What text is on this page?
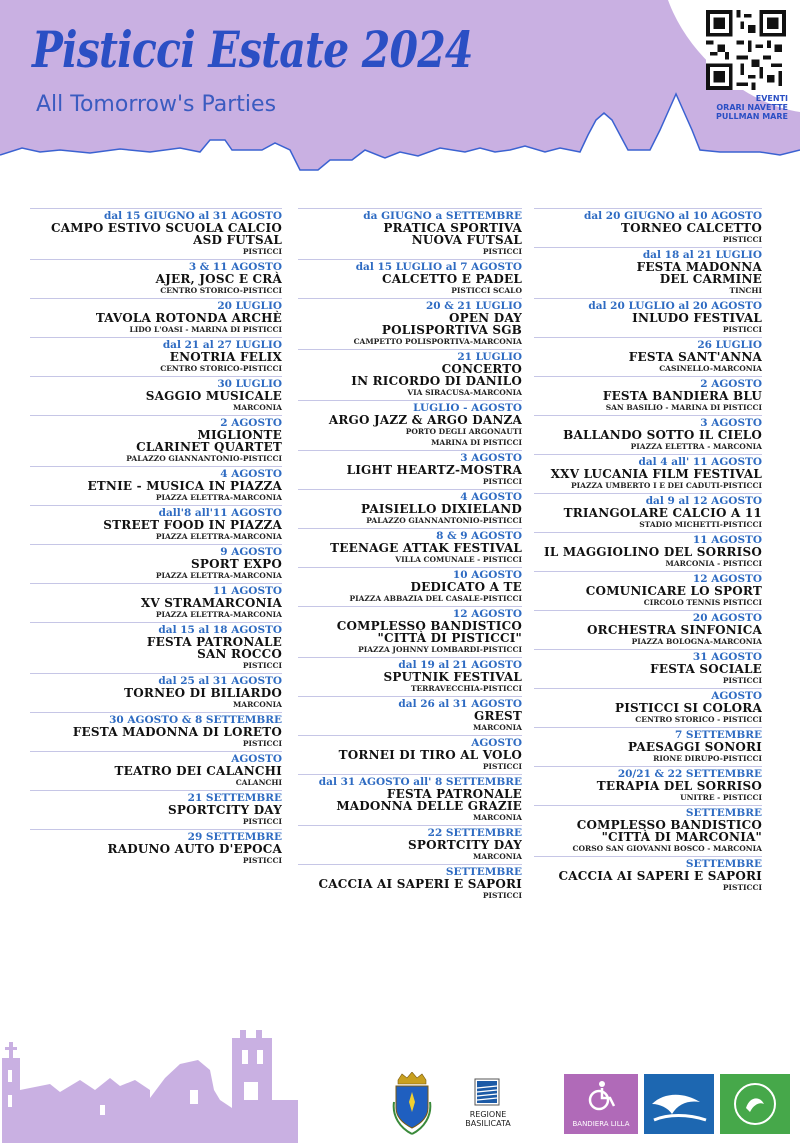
Pisticci Estate 2024
All Tomorrow's Parties	EVENTI
ORARI NAVETTE
PULLMAN MARE
dal 15 GIUGNO al 31 AGOSTO
CAMPO ESTIVO SCUOLA CALCIO
ASD FUTSAL
PISTICCI
3 & 11 AGOSTO
AJER, JOSC E CRÀ
CENTRO STORICO-PISTICCI
20 LUGLIO
TAVOLA ROTONDA ARCHÈ
LIDO L'OASI - MARINA DI PISTICCI
dal 21 al 27 LUGLIO
ENOTRIA FELIX
CENTRO STORICO-PISTICCI
30 LUGLIO
SAGGIO MUSICALE
MARCONIA
2 AGOSTO
MIGLIONTE
CLARINET QUARTET
PALAZZO GIANNANTONIO-PISTICCI
4 AGOSTO
ETNIE - MUSICA IN PIAZZA
PIAZZA ELETTRA-MARCONIA
dall'8 all'11 AGOSTO
STREET FOOD IN PIAZZA
PIAZZA ELETTRA-MARCONIA
9 AGOSTO
SPORT EXPO
PIAZZA ELETTRA-MARCONIA
11 AGOSTO
XV STRAMARCONIA
PIAZZA ELETTRA-MARCONIA
dal 15 al 18 AGOSTO
FESTA PATRONALE
SAN ROCCO
PISTICCI
dal 25 al 31 AGOSTO
TORNEO DI BILIARDO
MARCONIA
30 AGOSTO & 8 SETTEMBRE
FESTA MADONNA DI LORETO
PISTICCI
AGOSTO
TEATRO DEI CALANCHI
CALANCHI
21 SETTEMBRE
SPORTCITY DAY
PISTICCI
29 SETTEMBRE
RADUNO AUTO D'EPOCA
PISTICCI
da GIUGNO a SETTEMBRE
PRATICA SPORTIVA
NUOVA FUTSAL
PISTICCI
dal 15 LUGLIO al 7 AGOSTO
CALCETTO E PADEL
PISTICCI SCALO
20 & 21 LUGLIO
OPEN DAY
POLISPORTIVA SGB
CAMPETTO POLISPORTIVA-MARCONIA
21 LUGLIO
CONCERTO
IN RICORDO DI DANILO
VIA SIRACUSA-MARCONIA
LUGLIO - AGOSTO
ARGO JAZZ & ARGO DANZA
PORTO DEGLI ARGONAUTI
MARINA DI PISTICCI
3 AGOSTO
LIGHT HEARTZ-MOSTRA
PISTICCI
4 AGOSTO
PAISIELLO DIXIELAND
PALAZZO GIANNANTONIO-PISTICCI
8 & 9 AGOSTO
TEENAGE ATTAK FESTIVAL
VILLA COMUNALE - PISTICCI
10 AGOSTO
DEDICATO A TE
PIAZZA ABBAZIA DEL CASALE-PISTICCI
12 AGOSTO
COMPLESSO BANDISTICO
"CITTÀ DI PISTICCI"
PIAZZA JOHNNY LOMBARDI-PISTICCI
dal 19 al 21 AGOSTO
SPUTNIK FESTIVAL
TERRAVECCHIA-PISTICCI
dal 26 al 31 AGOSTO
GREST
MARCONIA
AGOSTO
TORNEI DI TIRO AL VOLO
PISTICCI
dal 31 AGOSTO all' 8 SETTEMBRE
FESTA PATRONALE
MADONNA DELLE GRAZIE
MARCONIA
22 SETTEMBRE
SPORTCITY DAY
MARCONIA
SETTEMBRE
CACCIA AI SAPERI E SAPORI
PISTICCI
dal 20 GIUGNO al 10 AGOSTO
TORNEO CALCETTO
PISTICCI
dal 18 al 21 LUGLIO
FESTA MADONNA
DEL CARMINE
TINCHI
dal 20 LUGLIO al 20 AGOSTO
INLUDO FESTIVAL
PISTICCI
26 LUGLIO
FESTA SANT'ANNA
CASINELLO-MARCONIA
2 AGOSTO
FESTA BANDIERA BLU
SAN BASILIO - MARINA DI PISTICCI
3 AGOSTO
BALLANDO SOTTO IL CIELO
PIAZZA ELETTRA - MARCONIA
dal 4 all' 11 AGOSTO
XXV LUCANIA FILM FESTIVAL
PIAZZA UMBERTO I E DEI CADUTI-PISTICCI
dal 9 al 12 AGOSTO
TRIANGOLARE CALCIO A 11
STADIO MICHETTI-PISTICCI
11 AGOSTO
IL MAGGIOLINO DEL SORRISO
MARCONIA - PISTICCI
12 AGOSTO
COMUNICARE LO SPORT
CIRCOLO TENNIS PISTICCI
20 AGOSTO
ORCHESTRA SINFONICA
PIAZZA BOLOGNA-MARCONIA
31 AGOSTO
FESTA SOCIALE
PISTICCI
AGOSTO
PISTICCI SI COLORA
CENTRO STORICO - PISTICCI
7 SETTEMBRE
PAESAGGI SONORI
RIONE DIRUPO-PISTICCI
20/21 & 22 SETTEMBRE
TERAPIA DEL SORRISO
UNITRE - PISTICCI
SETTEMBRE
COMPLESSO BANDISTICO
"CITTÀ DI MARCONIA"
CORSO SAN GIOVANNI BOSCO - MARCONIA
SETTEMBRE
CACCIA AI SAPERI E SAPORI
PISTICCI
REGIONE
BASILICATA	BANDIERA LILLA
